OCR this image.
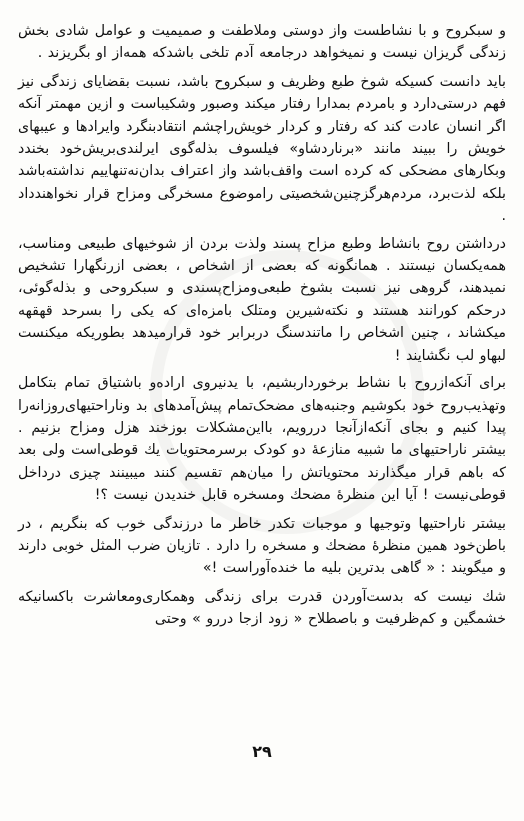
و سبکروح و با نشاطست واز دوستی وملاطفت و صمیمیت و عوامل شادی بخش زندگی گریزان نیست و نمیخواهد درجامعه آدم تلخی باشدکه همه‌از او بگریزند .

باید دانست کسیکه شوخ طبع وظریف و سبکروح باشد، نسبت بقضایای زندگی نیز فهم درستی‌دارد و بامردم بمدارا رفتار میکند وصبور وشکیباست و ازین مهمتر آنکه اگر انسان عادت کند که رفتار و کردار خویش‌راچشم انتقادبنگرد وایرادها و عیبهای خویش را ببیند مانند «برنارد‌شاو» فیلسوف بذله‌گوی ایرلندی‌بریش‌خود بخندد وبکارهای مضحکی که کرده است واقف‌باشد واز اعتراف بدان‌نه‌تنهاییم نداشته‌باشد بلکه لذت‌برد، مردم‌هرگزچنین‌شخصیتی راموضوع مسخرگی ومزاح قرار نخواهندداد .

درداشتن روح بانشاط وطبع مزاح پسند ولذت بردن از شوخیهای طبیعی ومناسب، همه‌یکسان نیستند . همانگونه که بعضی از اشخاص ، بعضی ازرنگهارا تشخیص نمیدهند، گروهی نیز نسبت بشوخ طبعی‌ومزاح‌پسندی و سبکروحی و بذله‌گوئی، درحکم کورانند هستند و نکته‌شیرین ومتلک بامزه‌ای که یکی را بسرحد قهقهه میکشاند ، چنین اشخاص را ماتندسنگ دربرابر خود قرارمیدهد بطوریکه میکنست لبهاو لب نگشایند !

برای آنکه‌ازروح با نشاط برخورداربشیم، با یدنیروی اراده‌و باشتیاق تمام بتکامل وتهذیب‌روح خود بکوشیم وجنبه‌های مضحک‌تمام پیش‌آمدهای بد وناراحتیهای‌روزانه‌را پیدا کنیم و بجای آنکه‌ازآنجا دررویم، بااین‌مشکلات بوزخند هزل ومزاح بزنیم . بیشتر ناراحتیهای ما شبیه منازعهٔ دو کودک برسرمحتویات یك قوطی‌است ولی بعد که باهم قرار میگذارند محتویاتش را میان‌هم تقسیم کنند میبینند چیزی درداخل قوطی‌نیست ! آیا این منظرهٔ مضحك ومسخره قابل خندیدن نیست ؟!

بیشتر ناراحتیها وتوجیها و موجبات تکدر خاطر ما درزندگی خوب که بنگریم ، در باطن‌خود همین منظرهٔ مضحك و مسخره را دارد . تازیان ضرب المثل خوبی دارند و میگویند : « گاهی بدترین بلیه ما خنده‌آوراست !»

شك نیست که بدست‌آوردن قدرت برای زندگی وهمکاری‌ومعاشرت باکسانیکه خشمگین و کم‌ظرفیت و باصطلاح « زود ازجا دررو » وحتی

۲۹
